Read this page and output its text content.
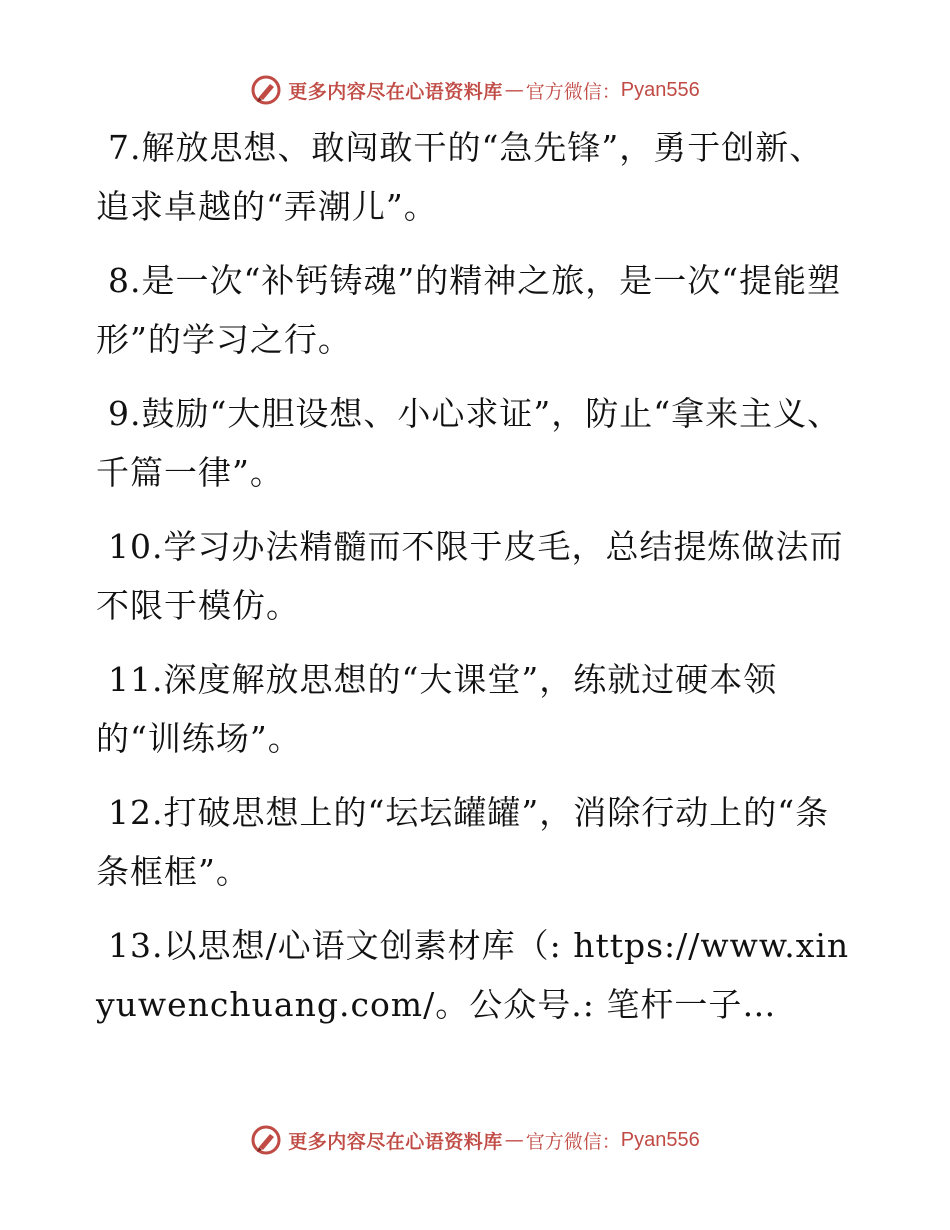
更多内容尽在心语资料库 — 官方微信： Pyan556

7.解放思想、敢闯敢干的“急先锋”，勇于创新、追求卓越的“弄潮儿”。

8.是一次“补钙铸魂”的精神之旅，是一次“提能塑形”的学习之行。

9.鼓励“大胆设想、小心求证”，防止“拿来主义、千篇一律”。

10.学习办法精髓而不限于皮毛，总结提炼做法而不限于模仿。

11.深度解放思想的“大课堂”，练就过硬本领的“训练场”。

12.打破思想上的“坛坛罐罐”，消除行动上的“条条框框”。

13.以思想/心语文创素材库（: https://www.xinyuwenchuang.com/。公众号.: 笔杆一子…

更多内容尽在心语资料库 — 官方微信： Pyan556
